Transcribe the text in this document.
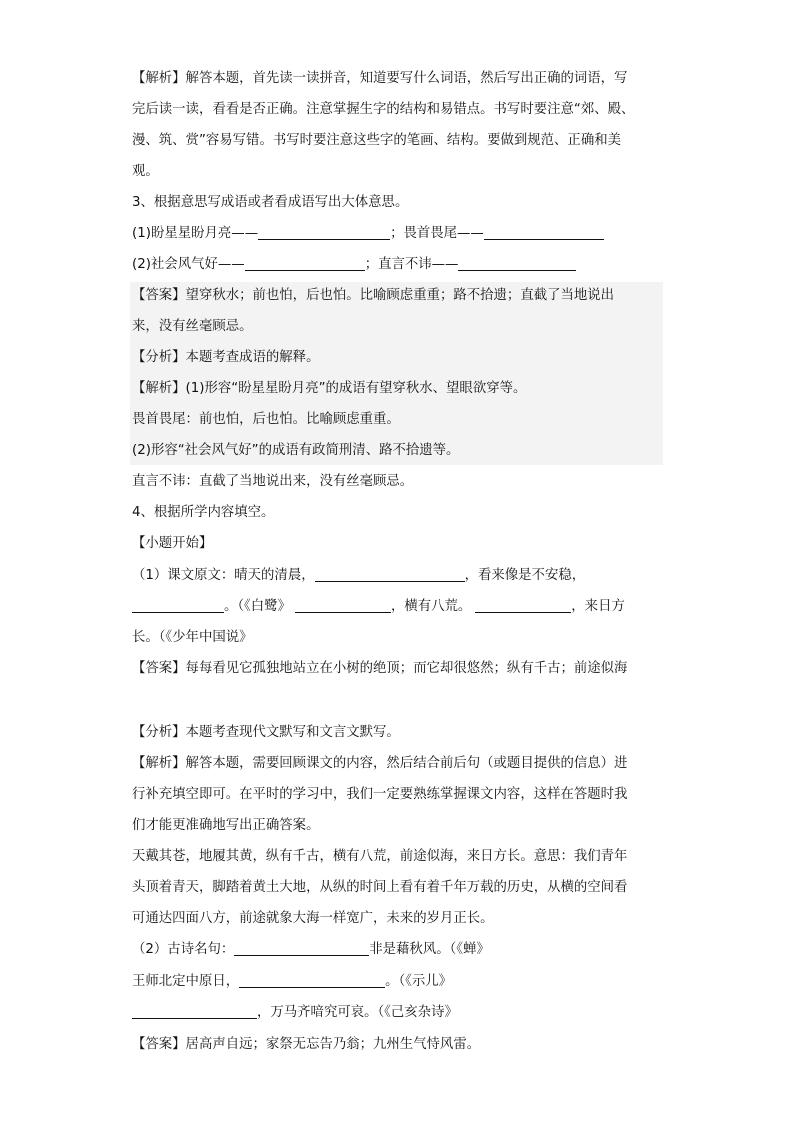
【解析】解答本题，首先读一读拼音，知道要写什么词语，然后写出正确的词语，写
完后读一读，看看是否正确。注意掌握生字的结构和易错点。书写时要注意“郊、殿、
漫、筑、赏”容易写错。书写时要注意这些字的笔画、结构。要做到规范、正确和美
观。
3、根据意思写成语或者看成语写出大体意思。
(1)盼星星盼月亮——	；畏首畏尾——
(2)社会风气好——	；直言不讳——
【答案】望穿秋水；前也怕，后也怕。比喻顾虑重重；路不拾遗；直截了当地说出
来，没有丝毫顾忌。
【分析】本题考查成语的解释。
【解析】(1)形容“盼星星盼月亮”的成语有望穿秋水、望眼欲穿等。
畏首畏尾：前也怕，后也怕。比喻顾虑重重。
(2)形容“社会风气好”的成语有政简刑清、路不拾遗等。
直言不讳：直截了当地说出来，没有丝毫顾忌。
4、根据所学内容填空。
【小题开始】
（1）课文原文：晴天的清晨，	，看来像是不安稳，
。（《白鹭》	，横有八荒。	，来日方
长。（《少年中国说》
【答案】每每看见它孤独地站立在小树的绝顶；而它却很悠然；纵有千古；前途似海
【分析】本题考查现代文默写和文言文默写。
【解析】解答本题，需要回顾课文的内容，然后结合前后句（或题目提供的信息）进
行补充填空即可。在平时的学习中，我们一定要熟练掌握课文内容，这样在答题时我
们才能更准确地写出正确答案。
天戴其苍，地履其黄，纵有千古，横有八荒，前途似海，来日方长。意思：我们青年
头顶着青天，脚踏着黄土大地，从纵的时间上看有着千年万载的历史，从横的空间看
可通达四面八方，前途就象大海一样宽广，未来的岁月正长。
（2）古诗名句：	非是藉秋风。（《蝉》
王师北定中原日，	。（《示儿》
，万马齐喑究可哀。（《己亥杂诗》
【答案】居高声自远；家祭无忘告乃翁；九州生气恃风雷。
